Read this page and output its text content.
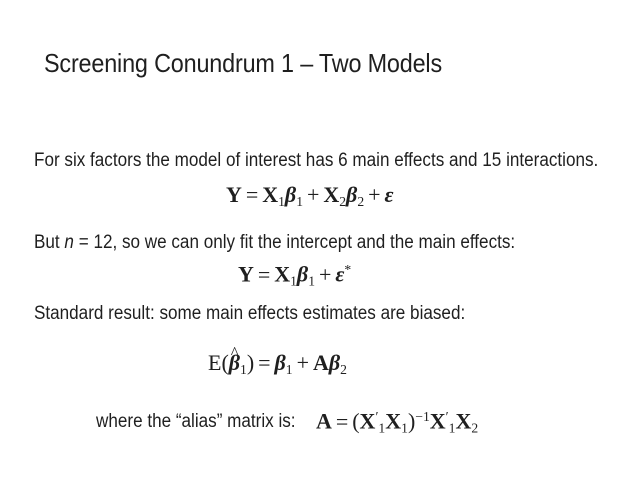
Screening Conundrum 1 – Two Models
For six factors the model of interest has 6 main effects and 15 interactions.
$Y = X_1\beta_1 + X_2\beta_2 + \varepsilon$
But n = 12, so we can only fit the intercept and the main effects:
$Y = X_1\beta_1 + \varepsilon^*$
Standard result: some main effects estimates are biased:
E(^ $\beta_1) = \beta_1 + A\beta_2$
where the “alias” matrix is: $A = (X'_1X_1)^{-1}X'_1X_2$
